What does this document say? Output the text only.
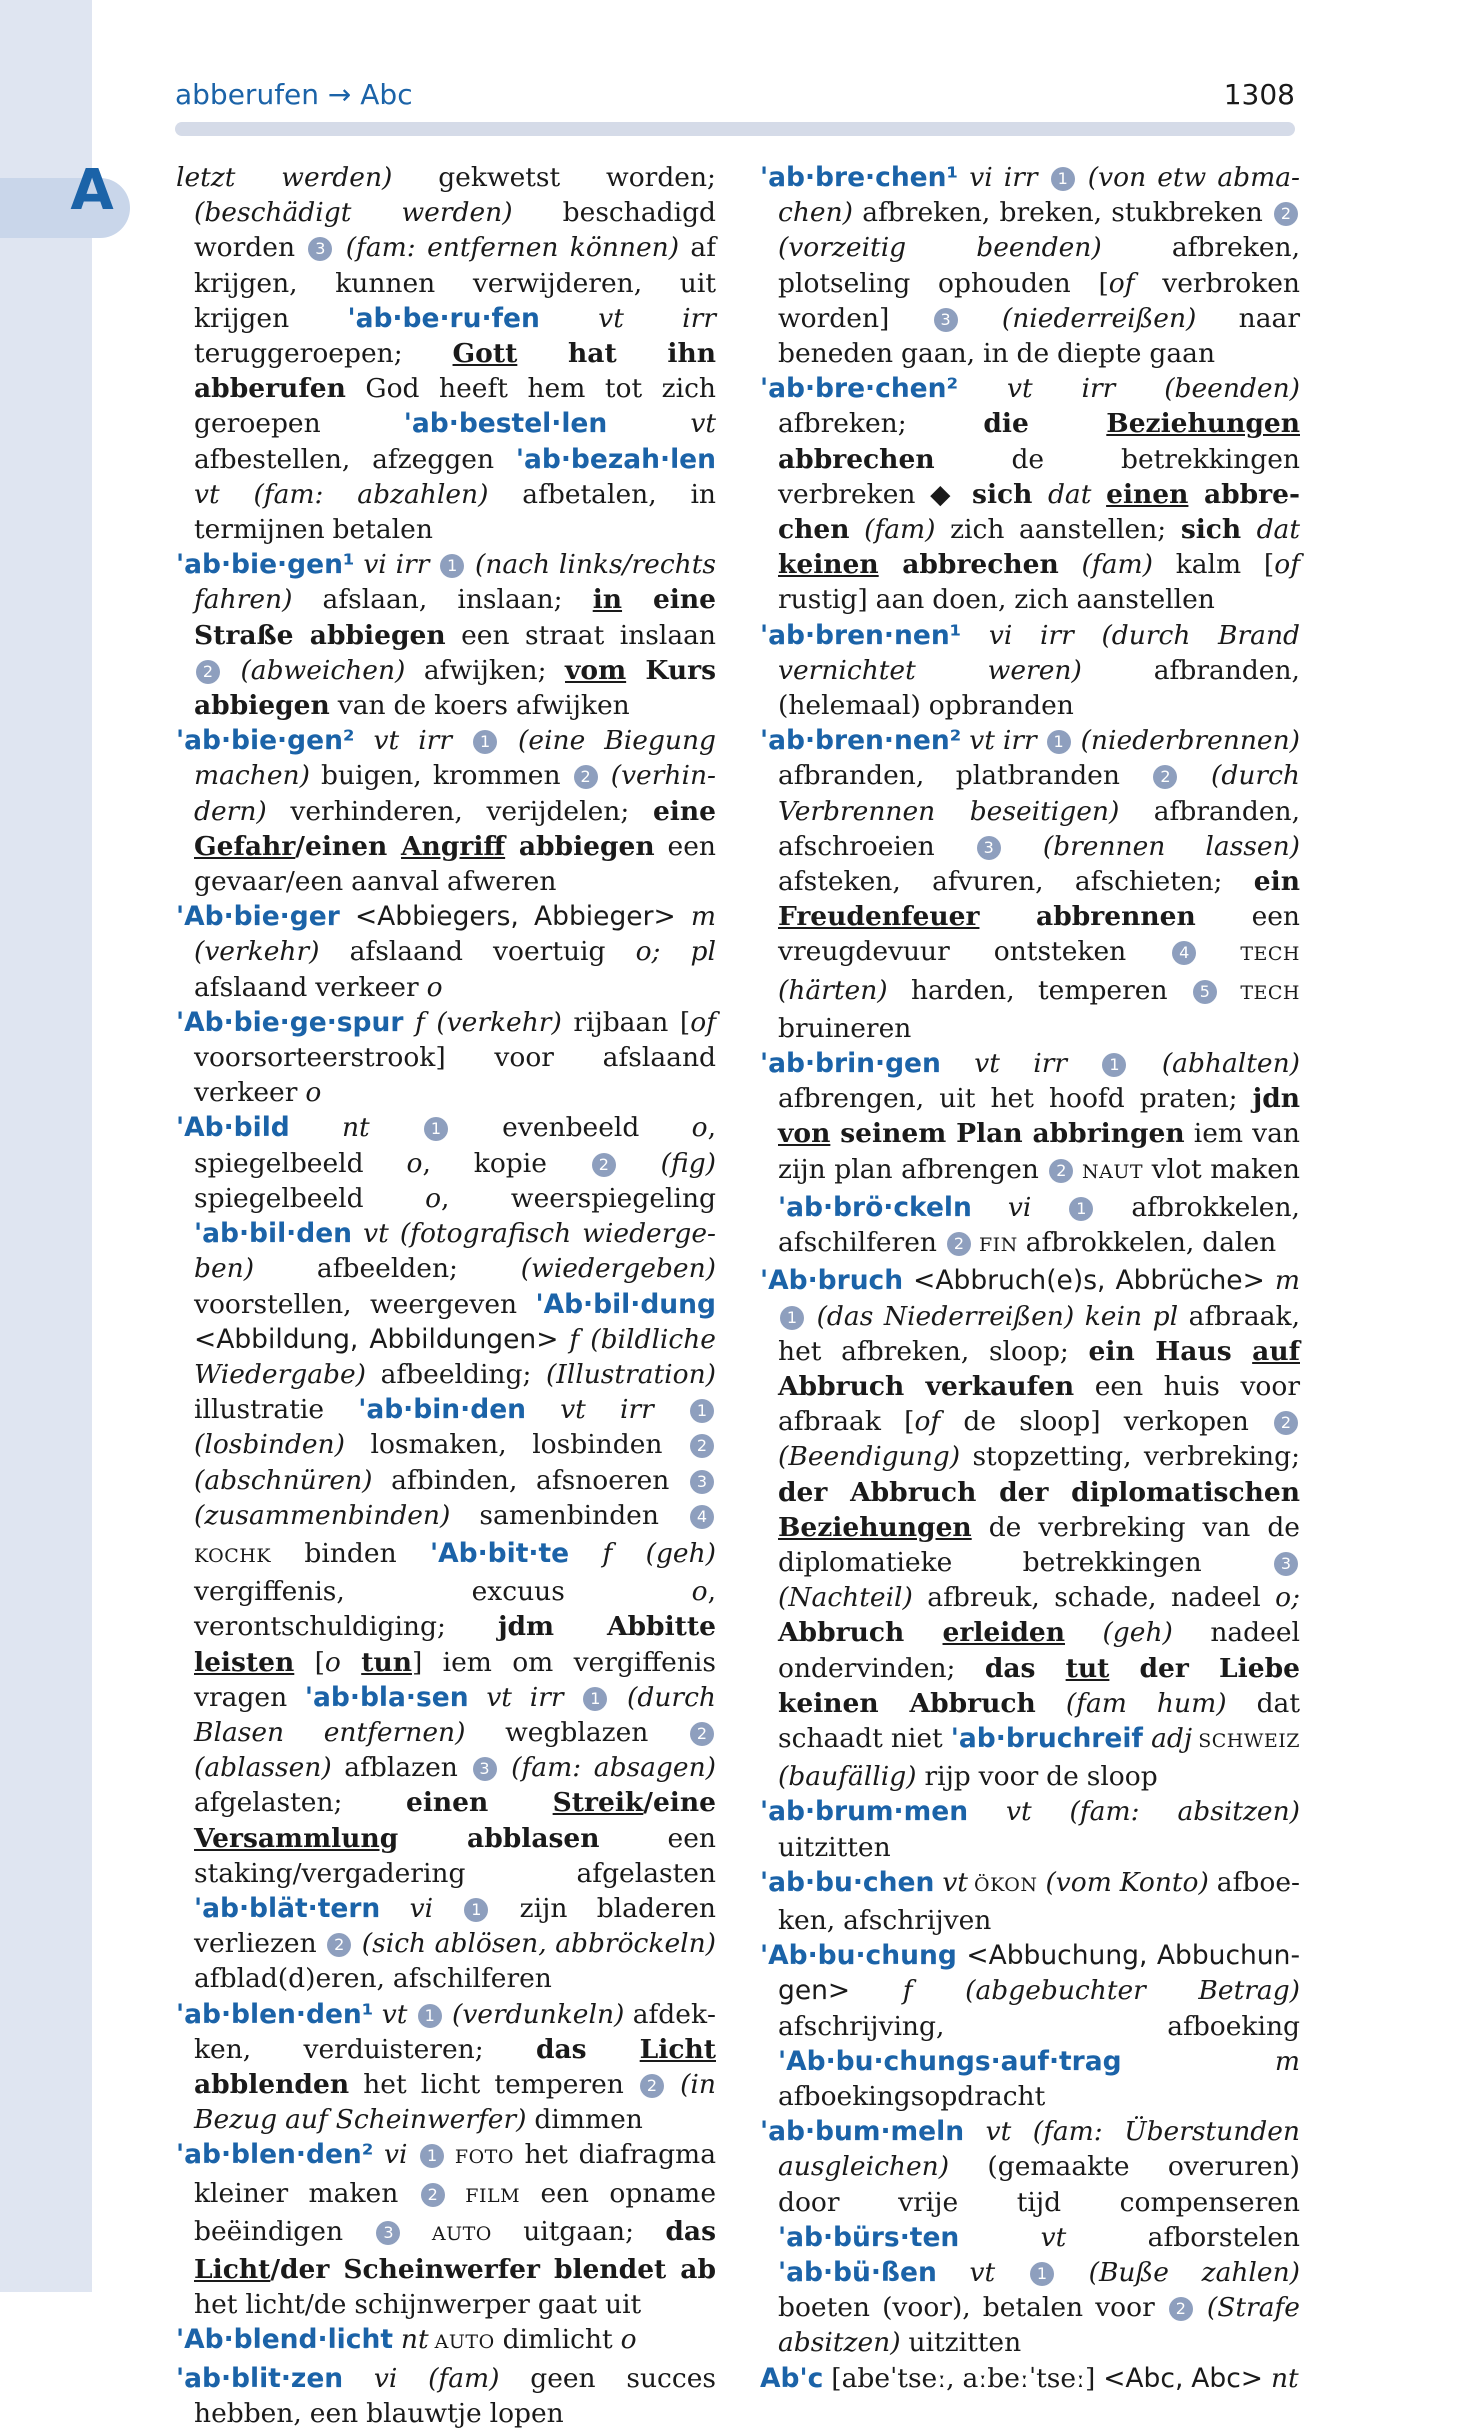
A
abberufen → Abc	1308

letzt werden) gekwetst worden; (beschädigt werden) beschadigd worden 3 (fam: entfernen können) af krijgen, kunnen verwijderen, uit krijgen 'ab·be·ru·fen vt irr teruggeroepen; Gott hat ihn abberufen God heeft hem tot zich geroepen 'ab·bestel·len vt afbestellen, afzeggen 'ab·bezah·len vt (fam: abzahlen) afbetalen, in termijnen betalen

'ab·bie·gen¹ vi irr 1 (nach links/rechts fahren) afslaan, inslaan; in eine Straße abbiegen een straat inslaan 2 (abweichen) afwijken; vom Kurs abbiegen van de koers afwijken

'ab·bie·gen² vt irr 1 (eine Biegung machen) buigen, krommen 2 (verhindern) verhinderen, verijdelen; eine Gefahr/einen Angriff abbiegen een gevaar/een aanval afweren

'Ab·bie·ger <Abbiegers, Abbieger> m (verkehr) afslaand voertuig o; pl afslaand verkeer o

'Ab·bie·ge·spur f (verkehr) rijbaan [of voorsorteerstrook] voor afslaand verkeer o

'Ab·bild nt 1 evenbeeld o, spiegelbeeld o, kopie 2 (fig) spiegelbeeld o, weerspiegeling 'ab·bil·den vt (fotografisch wiedergeben) afbeelden; (wiedergeben) voorstellen, weergeven 'Ab·bil·dung <Abbildung, Abbildungen> f (bildliche Wiedergabe) afbeelding; (Illustration) illustratie 'ab·bin·den vt irr 1 (losbinden) losmaken, losbinden 2 (abschnüren) afbinden, afsnoeren 3 (zusammenbinden) samenbinden 4 KOCHK binden 'Ab·bit·te f (geh) vergiffenis, excuus o, verontschuldiging; jdm Abbitte leisten [o tun] iem om vergiffenis vragen 'ab·bla·sen vt irr 1 (durch Blasen entfernen) wegblazen 2 (ablassen) afblazen 3 (fam: absagen) afgelasten; einen Streik/eine Versammlung abblasen een staking/vergadering afgelasten 'ab·blät·tern vi 1 zijn bladeren verliezen 2 (sich ablösen, abbröckeln) afblad(d)eren, afschilferen

'ab·blen·den¹ vt 1 (verdunkeln) afdekken, verduisteren; das Licht abblenden het licht temperen 2 (in Bezug auf Scheinwerfer) dimmen

'ab·blen·den² vi 1 FOTO het diafragma kleiner maken 2 FILM een opname beëindigen 3 AUTO uitgaan; das Licht/der Scheinwerfer blendet ab het licht/de schijnwerper gaat uit

'Ab·blend·licht nt AUTO dimlicht o

'ab·blit·zen vi (fam) geen succes hebben, een blauwtje lopen

'ab·bre·chen¹ vi irr 1 (von etw abmachen) afbreken, breken, stukbreken 2 (vorzeitig beenden) afbreken, plotseling ophouden [of verbroken worden] 3 (niederreißen) naar beneden gaan, in de diepte gaan

'ab·bre·chen² vt irr (beenden) afbreken; die Beziehungen abbrechen de betrekkingen verbreken ◆ sich dat einen abbrechen (fam) zich aanstellen; sich dat keinen abbrechen (fam) kalm [of rustig] aan doen, zich aanstellen

'ab·bren·nen¹ vi irr (durch Brand vernichtet weren) afbranden, (helemaal) opbranden

'ab·bren·nen² vt irr 1 (niederbrennen) afbranden, platbranden 2 (durch Verbrennen beseitigen) afbranden, afschroeien 3 (brennen lassen) afsteken, afvuren, afschieten; ein Freudenfeuer abbrennen een vreugdevuur ontsteken 4 TECH (härten) harden, temperen 5 TECH bruineren

'ab·brin·gen vt irr 1 (abhalten) afbrengen, uit het hoofd praten; jdn von seinem Plan abbringen iem van zijn plan afbrengen 2 NAUT vlot maken 'ab·brö·ckeln vi 1 afbrokkelen, afschilferen 2 FIN afbrokkelen, dalen

'Ab·bruch <Abbruch(e)s, Abbrüche> m 1 (das Niederreißen) kein pl afbraak, het afbreken, sloop; ein Haus auf Abbruch verkaufen een huis voor afbraak [of de sloop] verkopen 2 (Beendigung) stopzetting, verbreking; der Abbruch der diplomatischen Beziehungen de verbreking van de diplomatieke betrekkingen 3 (Nachteil) afbreuk, schade, nadeel o; Abbruch erleiden (geh) nadeel ondervinden; das tut der Liebe keinen Abbruch (fam hum) dat schaadt niet 'ab·bruchreif adj SCHWEIZ (baufällig) rijp voor de sloop

'ab·brum·men vt (fam: absitzen) uitzitten

'ab·bu·chen vt ÖKON (vom Konto) afboeken, afschrijven

'Ab·bu·chung <Abbuchung, Abbuchungen> f (abgebuchter Betrag) afschrijving, afboeking 'Ab·bu·chungs·auf·trag m afboekingsopdracht

'ab·bum·meln vt (fam: Überstunden ausgleichen) (gemaakte overuren) door vrije tijd compenseren 'ab·bürs·ten vt afborstelen 'ab·bü·ßen vt 1 (Buße zahlen) boeten (voor), betalen voor 2 (Strafe absitzen) uitzitten

Ab'c [abeˈtseː, aːbeːˈtseː] <Abc, Abc> nt
